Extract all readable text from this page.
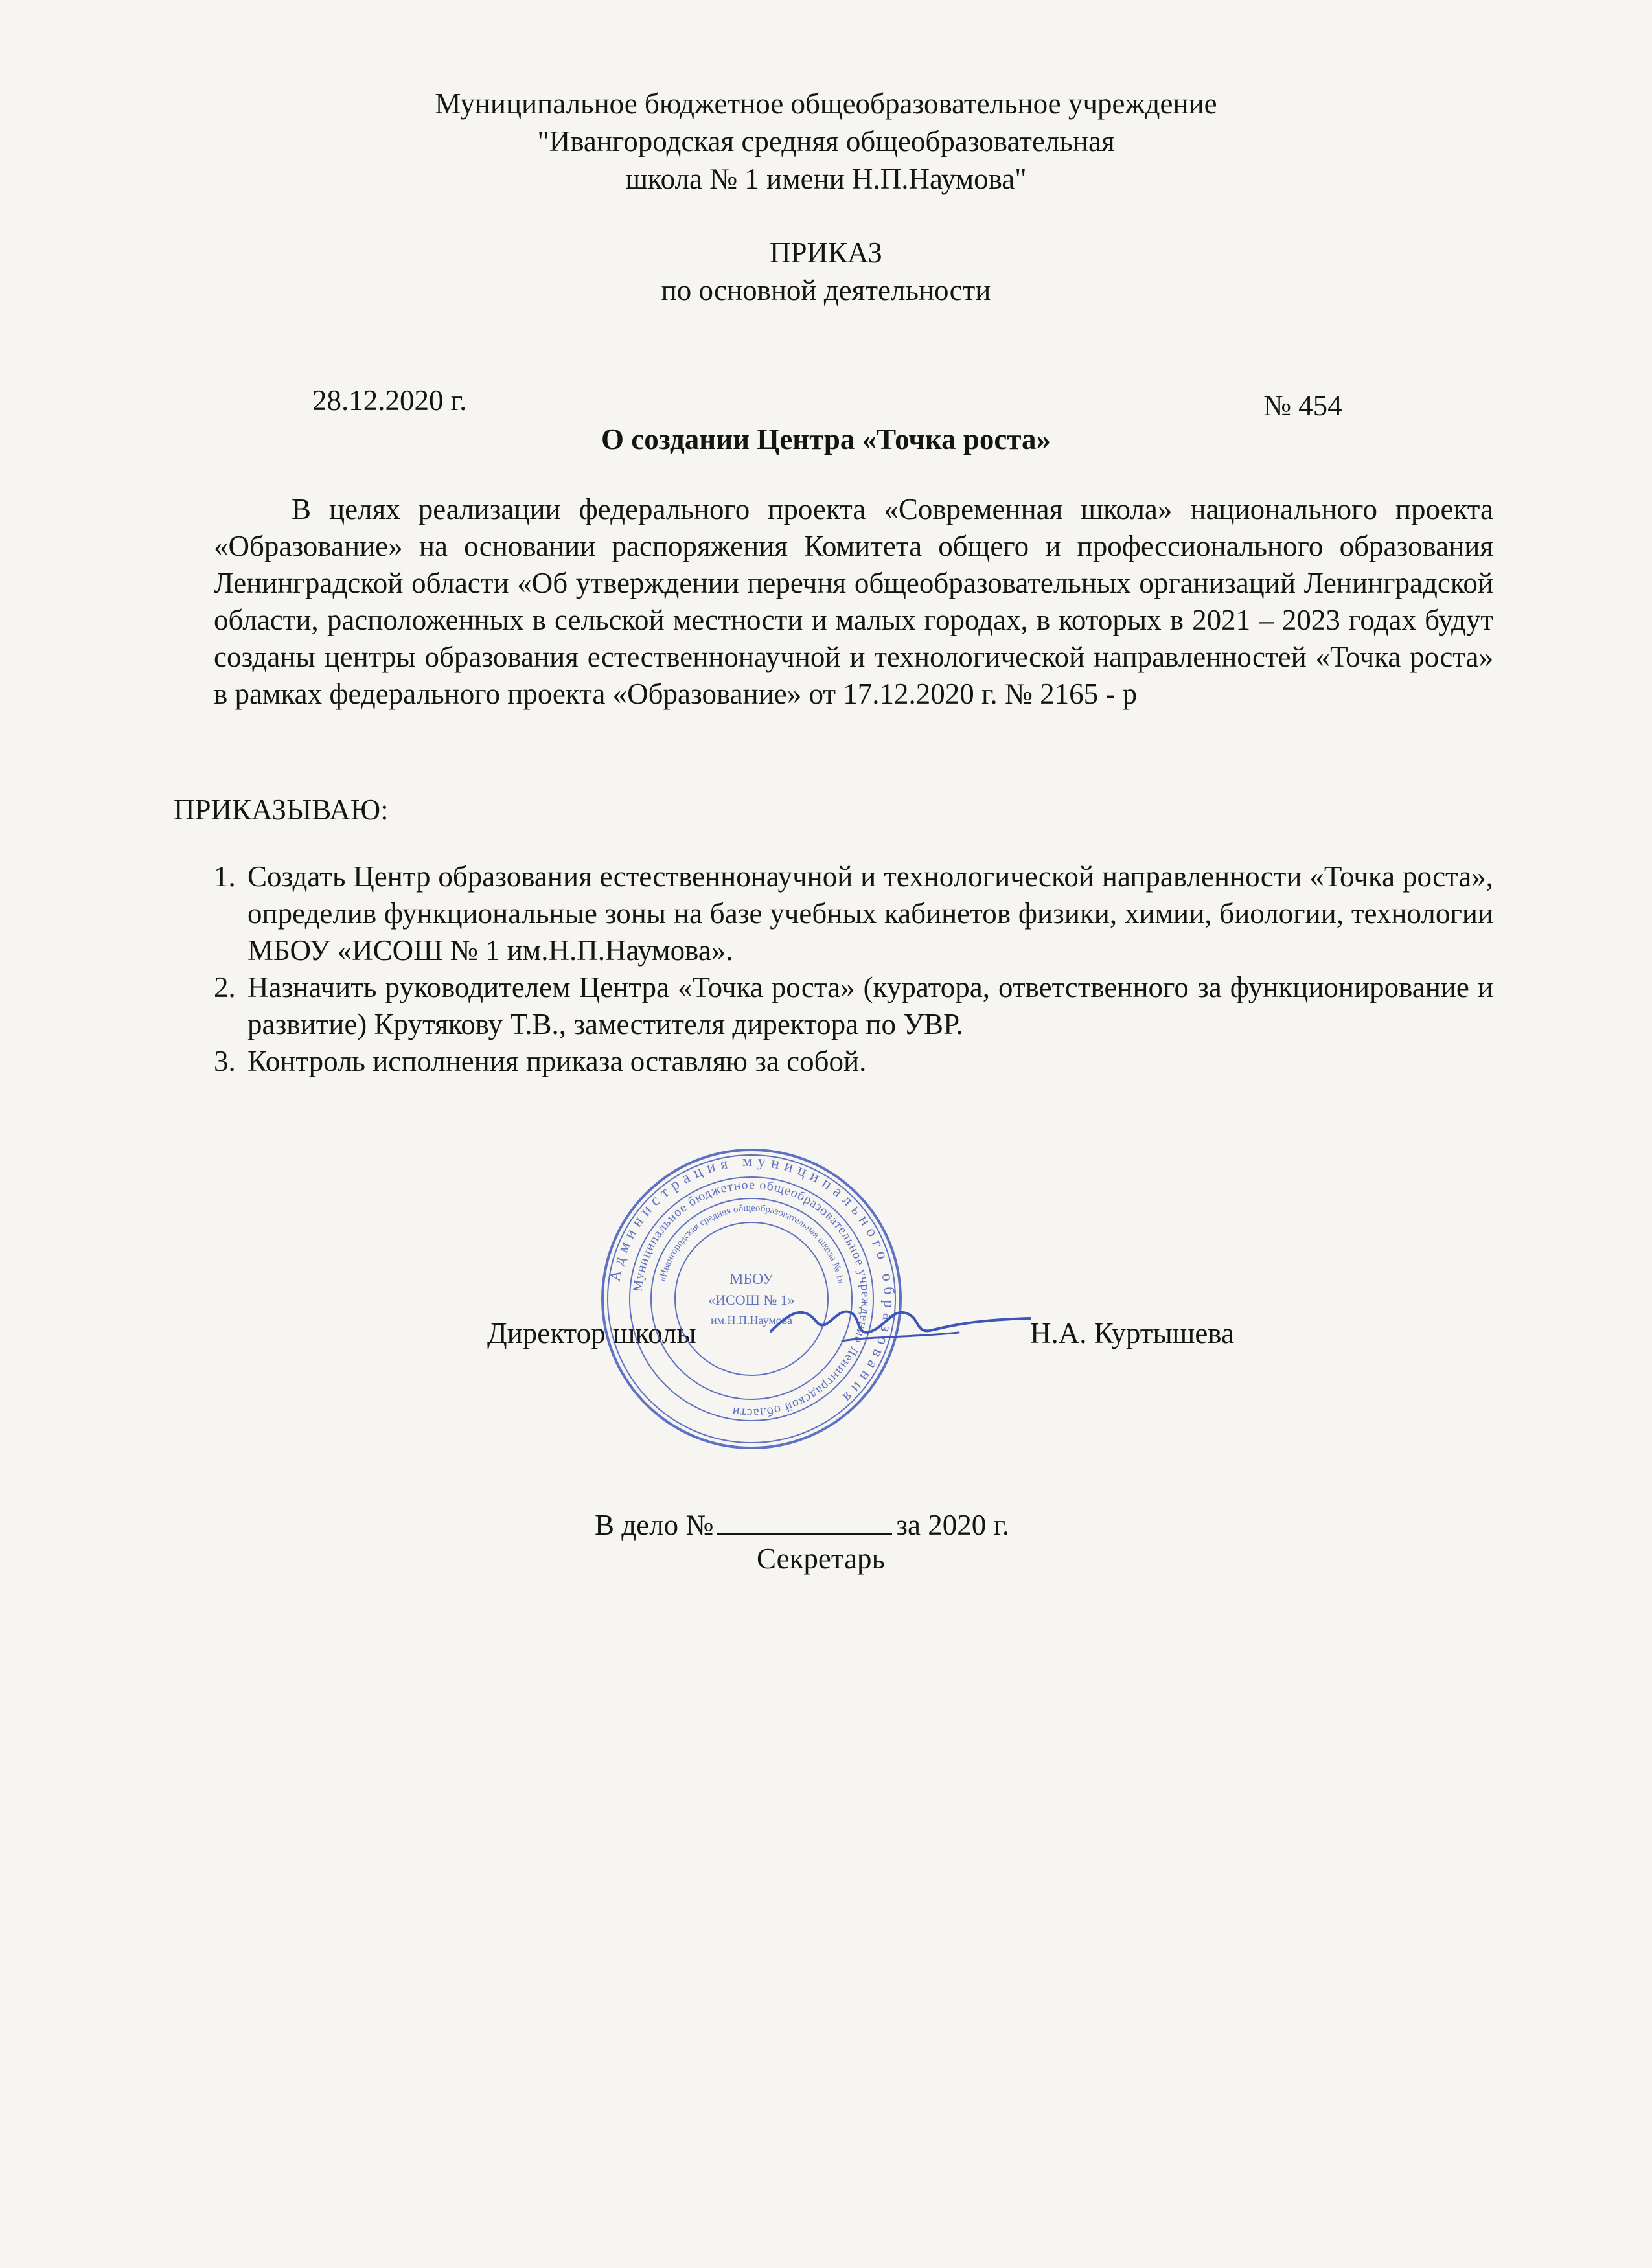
Муниципальное бюджетное общеобразовательное учреждение
"Ивангородская средняя общеобразовательная
школа № 1 имени Н.П.Наумова"
ПРИКАЗ
по основной деятельности
28.12.2020 г.	№ 454
О создании Центра «Точка роста»

В целях реализации федерального проекта «Современная школа» национального проекта «Образование» на основании распоряжения Комитета общего и профессионального образования Ленинградской области «Об утверждении перечня общеобразовательных организаций Ленинградской области, расположенных в сельской местности и малых городах, в которых в 2021 – 2023 годах будут созданы центры образования естественнонаучной и технологической направленностей «Точка роста» в рамках федерального проекта «Образование» от 17.12.2020 г. № 2165 - р

ПРИКАЗЫВАЮ:
1. Создать Центр образования естественнонаучной и технологической направленности «Точка роста», определив функциональные зоны на базе учебных кабинетов физики, химии, биологии, технологии МБОУ «ИСОШ № 1 им.Н.П.Наумова».
2. Назначить руководителем Центра «Точка роста» (куратора, ответственного за функционирование и развитие) Крутякову Т.В., заместителя директора по УВР.
3. Контроль исполнения приказа оставляю за собой.
Директор школы	Н.А. Куртышева
Администрация муниципального образования
Муниципальное бюджетное общеобразовательное учреждение Ленинградской области
«Ивангородская средняя общеобразовательная школа № 1»
МБОУ
«ИСОШ № 1»
им.Н.П.Наумова
В дело №	за 2020 г.
Секретарь
